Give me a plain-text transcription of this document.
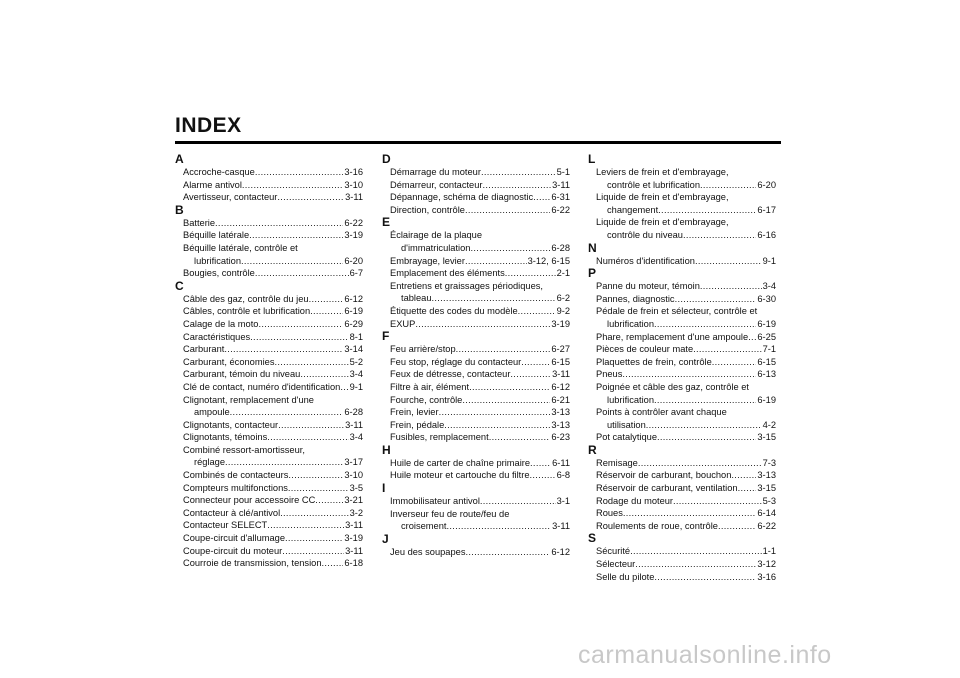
INDEX
A
Accroche-casque .....	3-16
Alarme antivol .....	3-10
Avertisseur, contacteur .....	3-11
B
Batterie .....	6-22
Béquille latérale .....	3-19
Béquille latérale, contrôle et
lubrification .....	6-20
Bougies, contrôle .....	6-7
C
Câble des gaz, contrôle du jeu .....	6-12
Câbles, contrôle et lubrification .....	6-19
Calage de la moto .....	6-29
Caractéristiques .....	8-1
Carburant .....	3-14
Carburant, économies .....	5-2
Carburant, témoin du niveau .....	3-4
Clé de contact, numéro d'identification ..... 9-1
Clignotant, remplacement d'une
ampoule .....	6-28
Clignotants, contacteur .....	3-11
Clignotants, témoins .....	3-4
Combiné ressort-amortisseur,
réglage .....	3-17
Combinés de contacteurs .....	3-10
Compteurs multifonctions .....	3-5
Connecteur pour accessoire CC .....	3-21
Contacteur à clé/antivol .....	3-2
Contacteur SELECT .....	3-11
Coupe-circuit d'allumage .....	3-19
Coupe-circuit du moteur .....	3-11
Courroie de transmission, tension ..... 6-18
D
Démarrage du moteur .....	5-1
Démarreur, contacteur .....	3-11
Dépannage, schéma de diagnostic ..... 6-31
Direction, contrôle .....	6-22
E
Éclairage de la plaque
d'immatriculation .....	6-28
Embrayage, levier .....	3-12, 6-15
Emplacement des éléments .....	2-1
Entretiens et graissages périodiques,
tableau .....	6-2
Étiquette des codes du modèle .....	9-2
EXUP .....	3-19
F
Feu arrière/stop .....	6-27
Feu stop, réglage du contacteur .....	6-15
Feux de détresse, contacteur .....	3-11
Filtre à air, élément .....	6-12
Fourche, contrôle .....	6-21
Frein, levier .....	3-13
Frein, pédale .....	3-13
Fusibles, remplacement .....	6-23
H
Huile de carter de chaîne primaire ..... 6-11
Huile moteur et cartouche du filtre .....	6-8
I
Immobilisateur antivol .....	3-1
Inverseur feu de route/feu de
croisement .....	3-11
J
Jeu des soupapes .....	6-12
L
Leviers de frein et d'embrayage,
contrôle et lubrification .....	6-20
Liquide de frein et d'embrayage,
changement .....	6-17
Liquide de frein et d'embrayage,
contrôle du niveau .....	6-16
N
Numéros d'identification .....	9-1
P
Panne du moteur, témoin .....	3-4
Pannes, diagnostic .....	6-30
Pédale de frein et sélecteur, contrôle et
lubrification .....	6-19
Phare, remplacement d'une ampoule ..... 6-25
Pièces de couleur mate .....	7-1
Plaquettes de frein, contrôle .....	6-15
Pneus .....	6-13
Poignée et câble des gaz, contrôle et
lubrification .....	6-19
Points à contrôler avant chaque
utilisation .....	4-2
Pot catalytique .....	3-15
R
Remisage .....	7-3
Réservoir de carburant, bouchon .....	3-13
Réservoir de carburant, ventilation ..... 3-15
Rodage du moteur .....	5-3
Roues .....	6-14
Roulements de roue, contrôle .....	6-22
S
Sécurité .....	1-1
Sélecteur .....	3-12
Selle du pilote .....	3-16
carmanualsonline.info
